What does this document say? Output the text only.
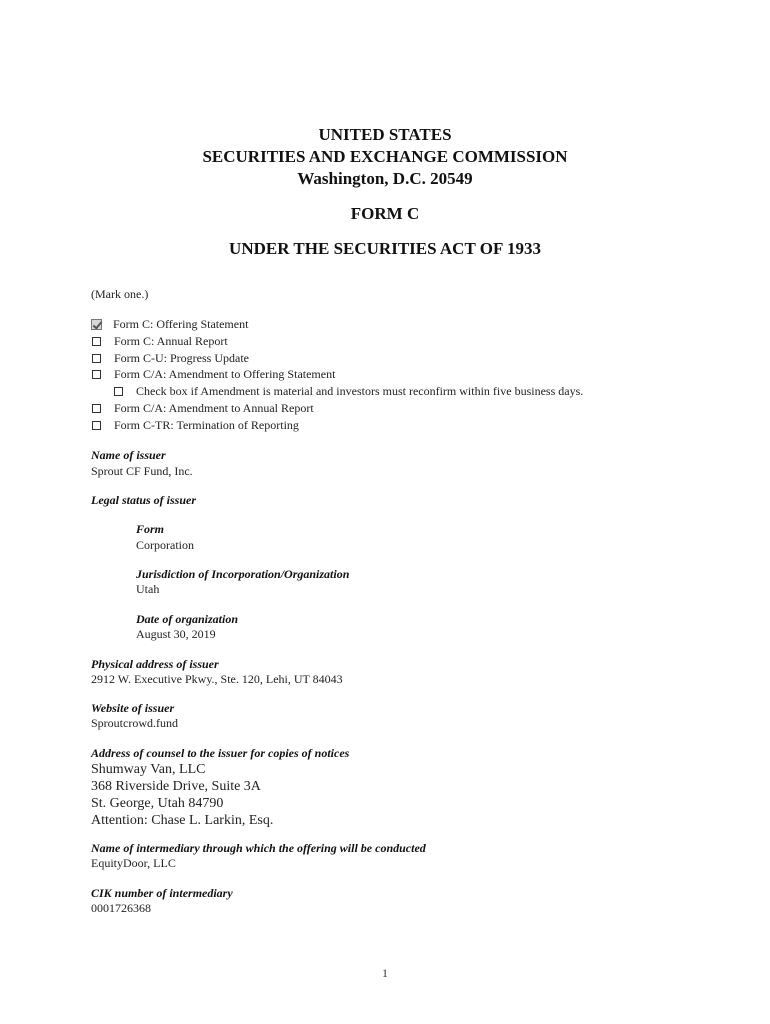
UNITED STATES
SECURITIES AND EXCHANGE COMMISSION
Washington, D.C. 20549
FORM C
UNDER THE SECURITIES ACT OF 1933
(Mark one.)
Form C: Offering Statement
Form C: Annual Report
Form C-U: Progress Update
Form C/A: Amendment to Offering Statement
Check box if Amendment is material and investors must reconfirm within five business days.
Form C/A: Amendment to Annual Report
Form C-TR: Termination of Reporting
Name of issuer
Sprout CF Fund, Inc.
Legal status of issuer
Form
Corporation
Jurisdiction of Incorporation/Organization
Utah
Date of organization
August 30, 2019
Physical address of issuer
2912 W. Executive Pkwy., Ste. 120, Lehi, UT 84043
Website of issuer
Sproutcrowd.fund
Address of counsel to the issuer for copies of notices
Shumway Van, LLC
368 Riverside Drive, Suite 3A
St. George, Utah 84790
Attention: Chase L. Larkin, Esq.
Name of intermediary through which the offering will be conducted
EquityDoor, LLC
CIK number of intermediary
0001726368
1
